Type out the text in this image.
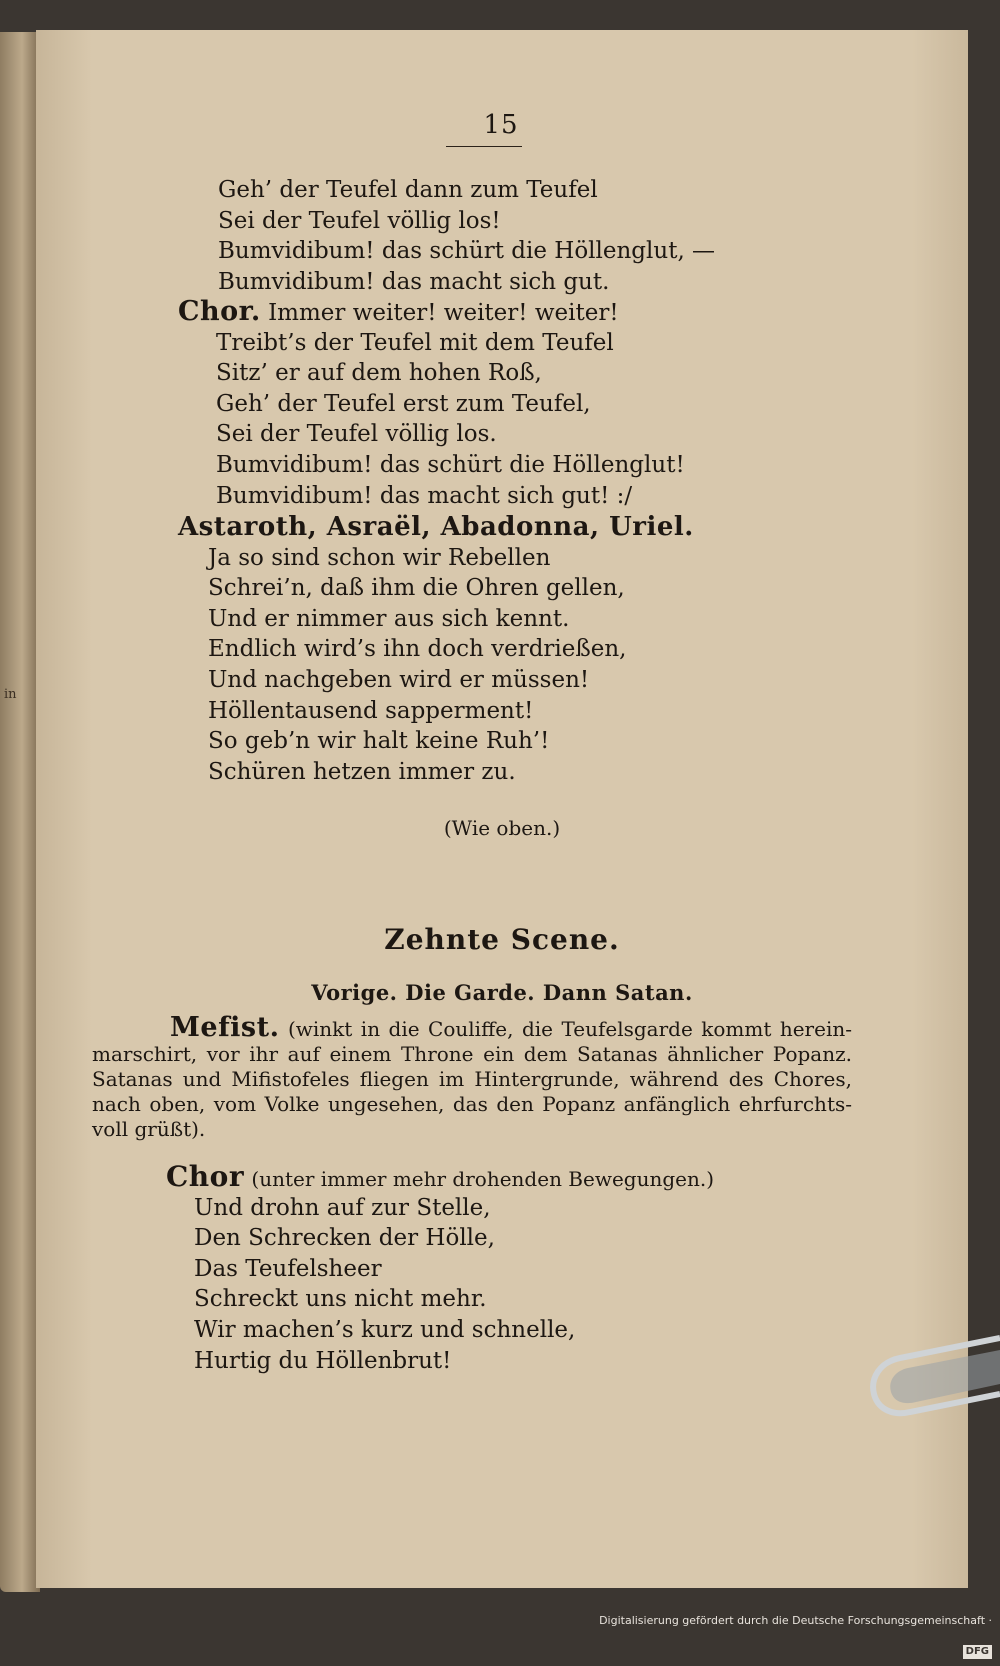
in
15
Geh’ der Teufel dann zum Teufel
Sei der Teufel völlig los!
Bumvidibum! das schürt die Höllenglut, —
Bumvidibum! das macht sich gut.
Chor. Immer weiter! weiter! weiter!
Treibt’s der Teufel mit dem Teufel
Sitz’ er auf dem hohen Roß,
Geh’ der Teufel erst zum Teufel,
Sei der Teufel völlig los.
Bumvidibum! das schürt die Höllenglut!
Bumvidibum! das macht sich gut! :/
Astaroth, Asraël, Abadonna, Uriel.
Ja so sind schon wir Rebellen
Schrei’n, daß ihm die Ohren gellen,
Und er nimmer aus sich kennt.
Endlich wird’s ihn doch verdrießen,
Und nachgeben wird er müssen!
Höllentausend sapperment!
So geb’n wir halt keine Ruh’!
Schüren hetzen immer zu.
(Wie oben.)
Zehnte Scene.
Vorige. Die Garde. Dann Satan.
Mefist. (winkt in die Couliffe, die Teufelsgarde kommt herein- marschirt, vor ihr auf einem Throne ein dem Satanas ähnlicher Popanz. Satanas und Mifistofeles fliegen im Hintergrunde, während des Chores, nach oben, vom Volke ungesehen, das den Popanz anfänglich ehrfurchts- voll grüßt).
Chor (unter immer mehr drohenden Bewegungen.)
Und drohn auf zur Stelle,
Den Schrecken der Hölle,
Das Teufelsheer
Schreckt uns nicht mehr.
Wir machen’s kurz und schnelle,
Hurtig du Höllenbrut!
Digitalisierung gefördert durch die Deutsche Forschungsgemeinschaft · DFG
